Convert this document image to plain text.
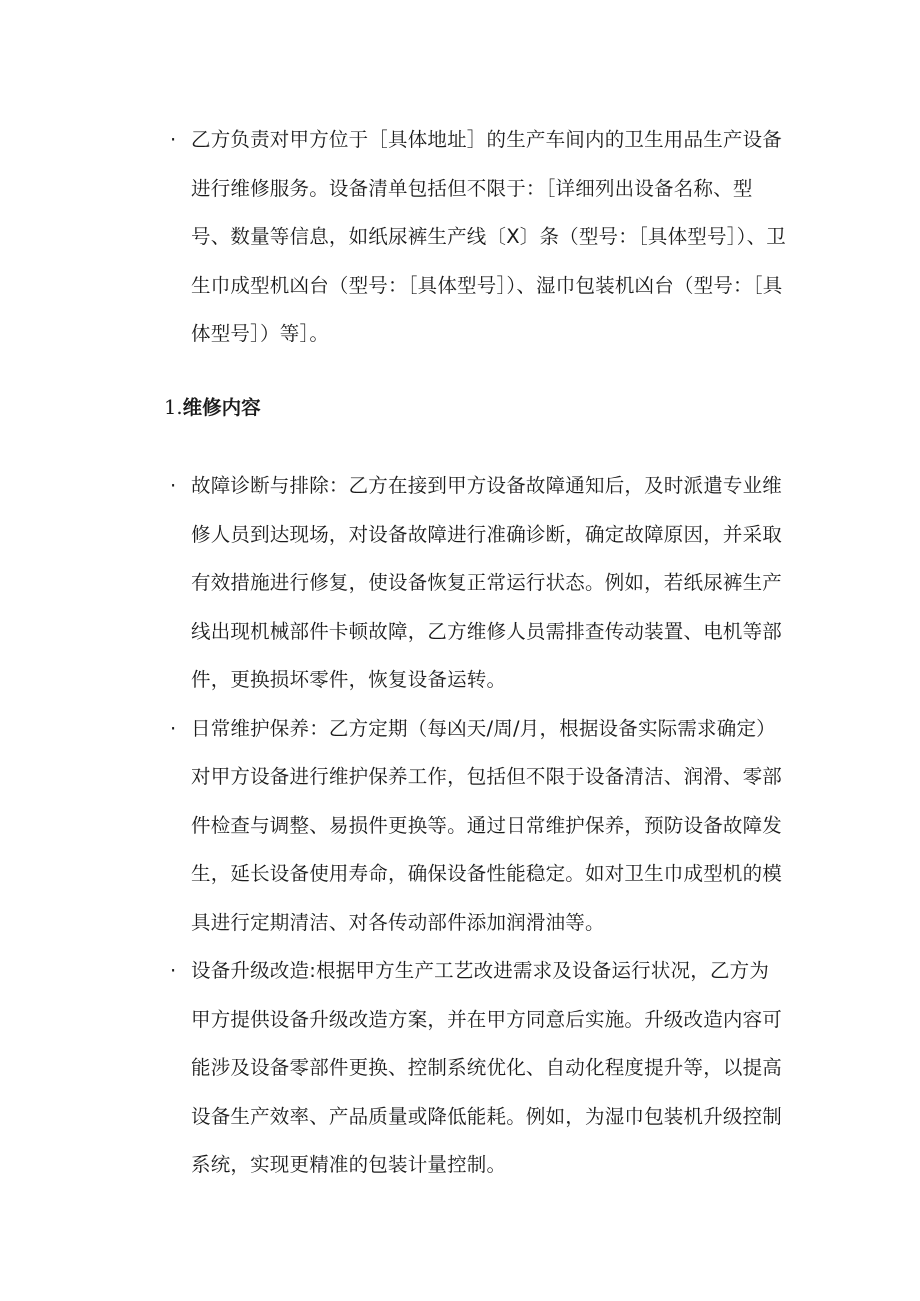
· 乙方负责对甲方位于［具体地址］的生产车间内的卫生用品生产设备进行维修服务。设备清单包括但不限于：［详细列出设备名称、型号、数量等信息，如纸尿裤生产线〔X〕条（型号：［具体型号］）、卫生巾成型机凶台（型号：［具体型号］）、湿巾包装机凶台（型号：［具体型号］）等］。
1.维修内容
· 故障诊断与排除：乙方在接到甲方设备故障通知后，及时派遣专业维修人员到达现场，对设备故障进行准确诊断，确定故障原因，并采取有效措施进行修复，使设备恢复正常运行状态。例如，若纸尿裤生产线出现机械部件卡顿故障，乙方维修人员需排查传动装置、电机等部件，更换损坏零件，恢复设备运转。
· 日常维护保养：乙方定期（每凶天/周/月，根据设备实际需求确定）对甲方设备进行维护保养工作，包括但不限于设备清洁、润滑、零部件检查与调整、易损件更换等。通过日常维护保养，预防设备故障发生，延长设备使用寿命，确保设备性能稳定。如对卫生巾成型机的模具进行定期清洁、对各传动部件添加润滑油等。
· 设备升级改造:根据甲方生产工艺改进需求及设备运行状况，乙方为甲方提供设备升级改造方案，并在甲方同意后实施。升级改造内容可能涉及设备零部件更换、控制系统优化、自动化程度提升等，以提高设备生产效率、产品质量或降低能耗。例如，为湿巾包装机升级控制系统，实现更精准的包装计量控制。
